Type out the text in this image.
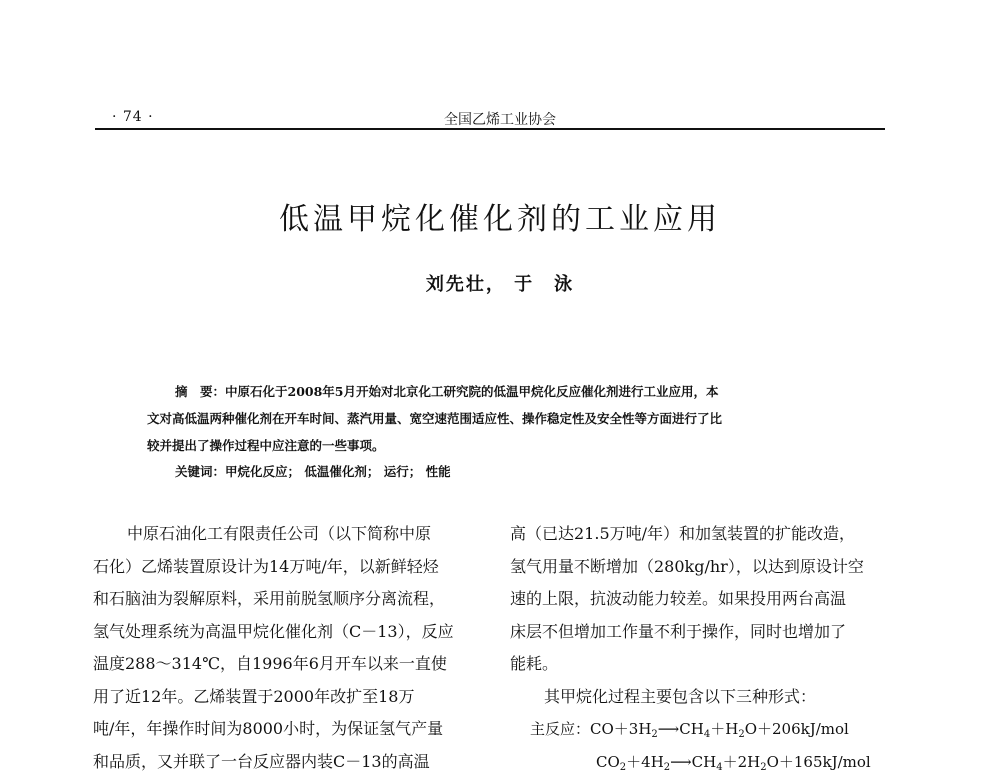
· 74 ·	全国乙烯工业协会
低温甲烷化催化剂的工业应用
刘先壮， 于　泳
摘　要：中原石化于2008年5月开始对北京化工研究院的低温甲烷化反应催化剂进行工业应用，本
文对高低温两种催化剂在开车时间、蒸汽用量、宽空速范围适应性、操作稳定性及安全性等方面进行了比
较并提出了操作过程中应注意的一些事项。
关键词：甲烷化反应； 低温催化剂； 运行； 性能
中原石油化工有限责任公司（以下简称中原
石化）乙烯装置原设计为14万吨/年，以新鲜轻烃
和石脑油为裂解原料，采用前脱氢顺序分离流程，
氢气处理系统为高温甲烷化催化剂（C－13），反应
温度288～314℃，自1996年6月开车以来一直使
用了近12年。乙烯装置于2000年改扩至18万
吨/年，年操作时间为8000小时，为保证氢气产量
和品质，又并联了一台反应器内装C－13的高温
高（已达21.5万吨/年）和加氢装置的扩能改造，
氢气用量不断增加（280kg/hr），以达到原设计空
速的上限，抗波动能力较差。如果投用两台高温
床层不但增加工作量不利于操作，同时也增加了
能耗。
其甲烷化过程主要包含以下三种形式：
主反应：$CO+3H_2⟶CH_4+H_2O+206kJ$/mol
$CO_2+4H_2⟶CH_4+2H_2O+165kJ$/mol
